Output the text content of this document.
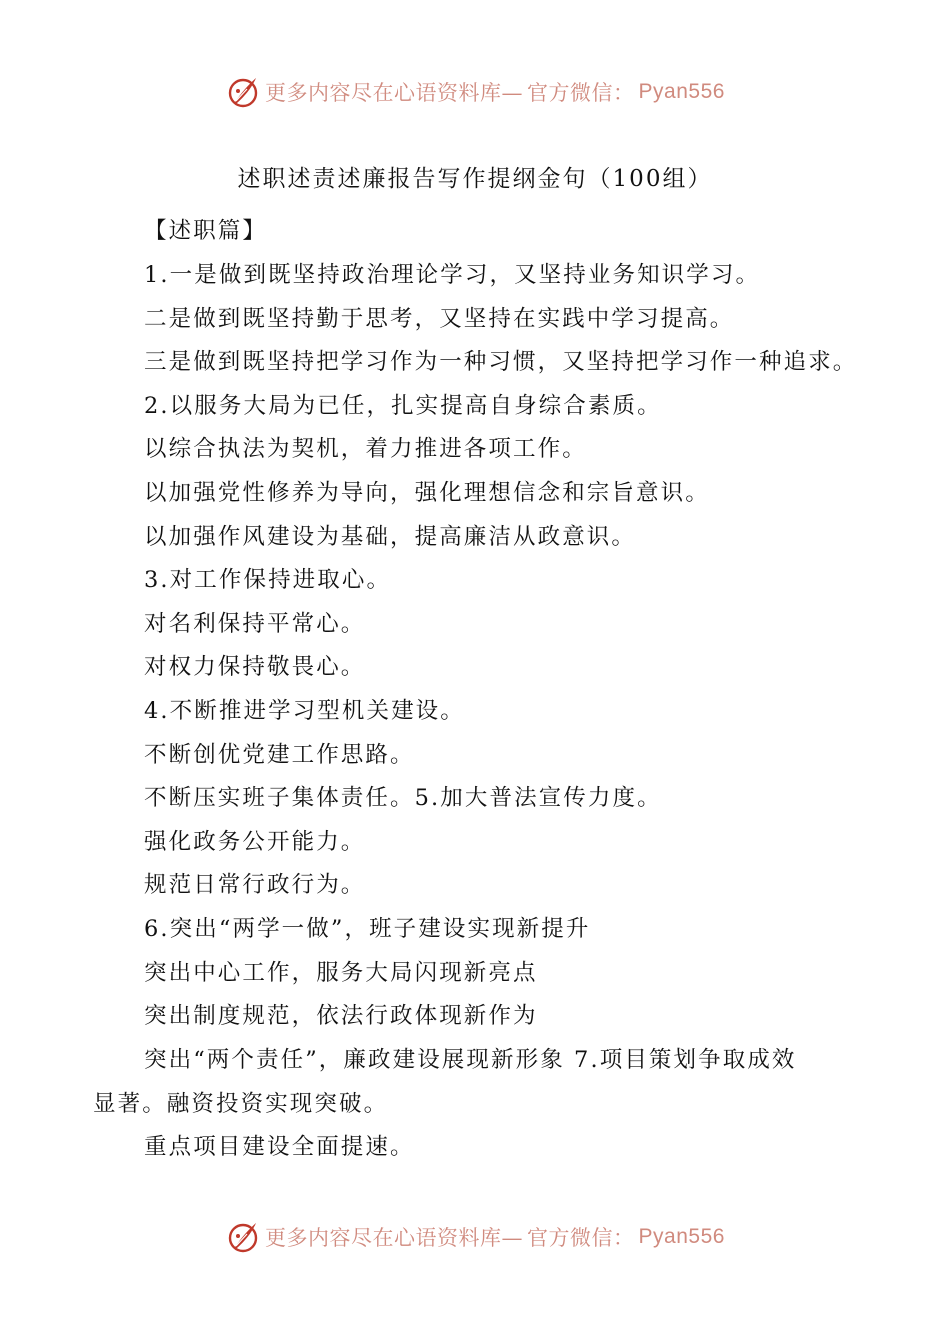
更多内容尽在心语资料库— 官方微信： Pyan556
述职述责述廉报告写作提纲金句（100组）
【述职篇】
1.一是做到既坚持政治理论学习，又坚持业务知识学习。
二是做到既坚持勤于思考，又坚持在实践中学习提高。
三是做到既坚持把学习作为一种习惯，又坚持把学习作一种追求。
2.以服务大局为已任，扎实提高自身综合素质。
以综合执法为契机，着力推进各项工作。
以加强党性修养为导向，强化理想信念和宗旨意识。
以加强作风建设为基础，提高廉洁从政意识。
3.对工作保持进取心。
对名利保持平常心。
对权力保持敬畏心。
4.不断推进学习型机关建设。
不断创优党建工作思路。
不断压实班子集体责任。5.加大普法宣传力度。
强化政务公开能力。
规范日常行政行为。
6.突出“两学一做”，班子建设实现新提升
突出中心工作，服务大局闪现新亮点
突出制度规范，依法行政体现新作为
突出“两个责任”，廉政建设展现新形象 7.项目策划争取成效
显著。融资投资实现突破。
重点项目建设全面提速。
更多内容尽在心语资料库— 官方微信： Pyan556
